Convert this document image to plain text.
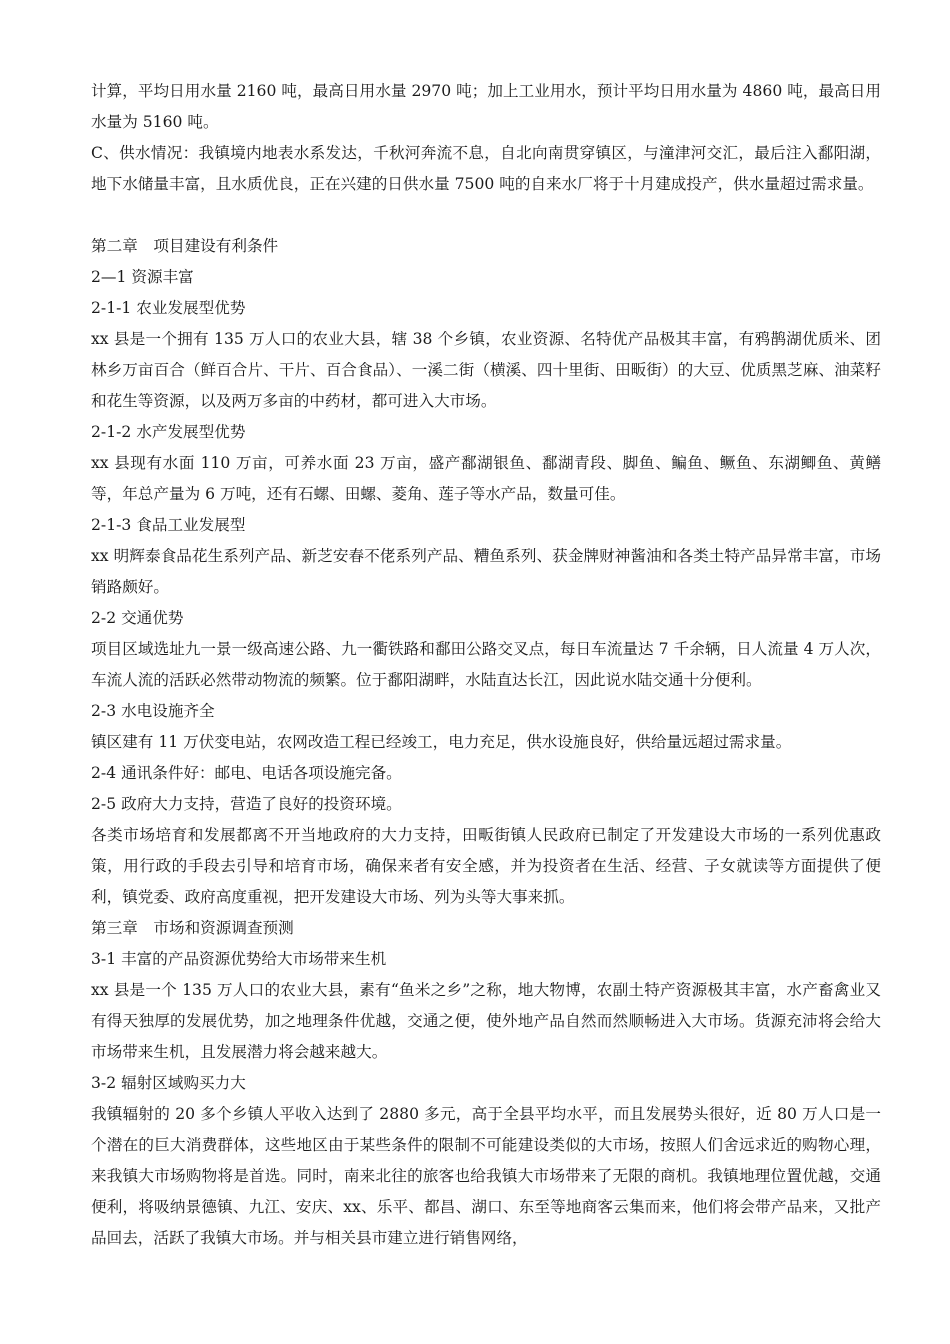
计算，平均日用水量 2160 吨，最高日用水量 2970 吨；加上工业用水，预计平均日用水量为 4860 吨，最高日用水量为 5160 吨。

C、供水情况：我镇境内地表水系发达，千秋河奔流不息，自北向南贯穿镇区，与潼津河交汇，最后注入鄱阳湖，地下水储量丰富，且水质优良，正在兴建的日供水量 7500 吨的自来水厂将于十月建成投产，供水量超过需求量。

第二章　项目建设有利条件

2—1 资源丰富

2-1-1 农业发展型优势

xx 县是一个拥有 135 万人口的农业大县，辖 38 个乡镇，农业资源、名特优产品极其丰富，有鸦鹊湖优质米、团林乡万亩百合（鲜百合片、干片、百合食品）、一溪二街（横溪、四十里街、田畈街）的大豆、优质黑芝麻、油菜籽和花生等资源，以及两万多亩的中药材，都可进入大市场。

2-1-2 水产发展型优势

xx 县现有水面 110 万亩，可养水面 23 万亩，盛产鄱湖银鱼、鄱湖青段、脚鱼、鳊鱼、鳜鱼、东湖鲫鱼、黄鳝等，年总产量为 6 万吨，还有石螺、田螺、菱角、莲子等水产品，数量可佳。

2-1-3 食品工业发展型

xx 明辉泰食品花生系列产品、新芝安春不佬系列产品、糟鱼系列、获金牌财神酱油和各类土特产品异常丰富，市场销路颇好。

2-2 交通优势

项目区域选址九一景一级高速公路、九一衢铁路和鄱田公路交叉点，每日车流量达 7 千余辆，日人流量 4 万人次，车流人流的活跃必然带动物流的频繁。位于鄱阳湖畔，水陆直达长江，因此说水陆交通十分便利。

2-3 水电设施齐全

镇区建有 11 万伏变电站，农网改造工程已经竣工，电力充足，供水设施良好，供给量远超过需求量。

2-4 通讯条件好：邮电、电话各项设施完备。

2-5 政府大力支持，营造了良好的投资环境。

各类市场培育和发展都离不开当地政府的大力支持，田畈街镇人民政府已制定了开发建设大市场的一系列优惠政策，用行政的手段去引导和培育市场，确保来者有安全感，并为投资者在生活、经营、子女就读等方面提供了便利，镇党委、政府高度重视，把开发建设大市场、列为头等大事来抓。

第三章　市场和资源调查预测

3-1 丰富的产品资源优势给大市场带来生机

xx 县是一个 135 万人口的农业大县，素有“鱼米之乡”之称，地大物博，农副土特产资源极其丰富，水产畜禽业又有得天独厚的发展优势，加之地理条件优越，交通之便，使外地产品自然而然顺畅进入大市场。货源充沛将会给大市场带来生机，且发展潜力将会越来越大。

3-2 辐射区域购买力大

我镇辐射的 20 多个乡镇人平收入达到了 2880 多元，高于全县平均水平，而且发展势头很好，近 80 万人口是一个潜在的巨大消费群体，这些地区由于某些条件的限制不可能建设类似的大市场，按照人们舍远求近的购物心理，来我镇大市场购物将是首选。同时，南来北往的旅客也给我镇大市场带来了无限的商机。我镇地理位置优越，交通便利，将吸纳景德镇、九江、安庆、xx、乐平、都昌、湖口、东至等地商客云集而来，他们将会带产品来，又批产品回去，活跃了我镇大市场。并与相关县市建立进行销售网络，
